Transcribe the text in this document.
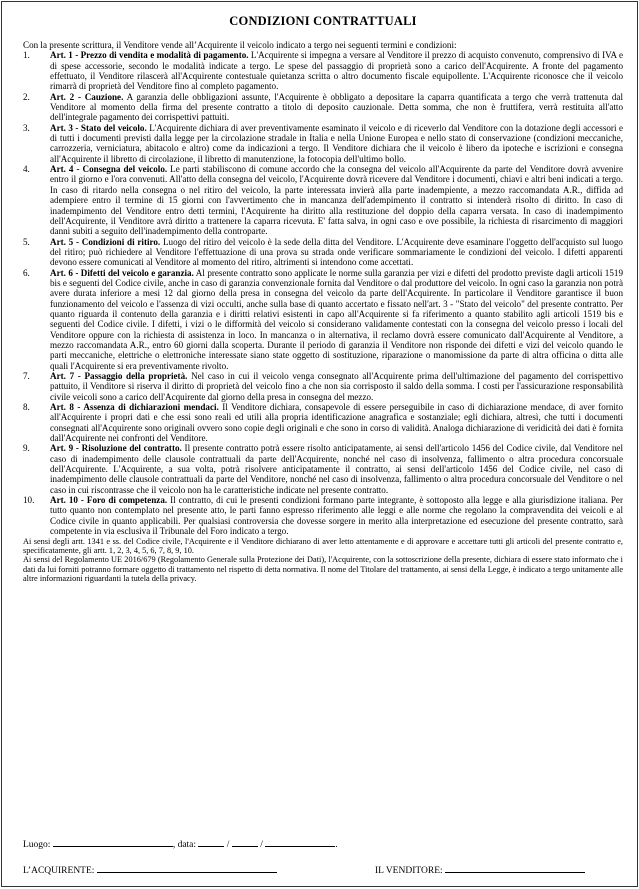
CONDIZIONI CONTRATTUALI

Con la presente scrittura, il Venditore vende all’Acquirente il veicolo indicato a tergo nei seguenti termini e condizioni:

1. Art. 1 - Prezzo di vendita e modalità di pagamento. L'Acquirente si impegna a versare al Venditore il prezzo di acquisto convenuto, comprensivo di IVA e di spese accessorie, secondo le modalità indicate a tergo. Le spese del passaggio di proprietà sono a carico dell'Acquirente. A fronte del pagamento effettuato, il Venditore rilascerà all'Acquirente contestuale quietanza scritta o altro documento fiscale equipollente. L'Acquirente riconosce che il veicolo rimarrà di proprietà del Venditore fino al completo pagamento.
2. Art. 2 - Cauzione. A garanzia delle obbligazioni assunte, l'Acquirente è obbligato a depositare la caparra quantificata a tergo che verrà trattenuta dal Venditore al momento della firma del presente contratto a titolo di deposito cauzionale. Detta somma, che non è fruttifera, verrà restituita all'atto dell'integrale pagamento dei corrispettivi pattuiti.
3. Art. 3 - Stato del veicolo. L'Acquirente dichiara di aver preventivamente esaminato il veicolo e di riceverlo dal Venditore con la dotazione degli accessori e di tutti i documenti previsti dalla legge per la circolazione stradale in Italia e nella Unione Europea e nello stato di conservazione (condizioni meccaniche, carrozzeria, verniciatura, abitacolo e altro) come da indicazioni a tergo. Il Venditore dichiara che il veicolo è libero da ipoteche e iscrizioni e consegna all'Acquirente il libretto di circolazione, il libretto di manutenzione, la fotocopia dell'ultimo bollo.
4. Art. 4 - Consegna del veicolo. Le parti stabiliscono di comune accordo che la consegna del veicolo all'Acquirente da parte del Venditore dovrà avvenire entro il giorno e l'ora convenuti. All'atto della consegna del veicolo, l'Acquirente dovrà ricevere dal Venditore i documenti, chiavi e altri beni indicati a tergo. In caso di ritardo nella consegna o nel ritiro del veicolo, la parte interessata invierà alla parte inadempiente, a mezzo raccomandata A.R., diffida ad adempiere entro il termine di 15 giorni con l'avvertimento che in mancanza dell'adempimento il contratto si intenderà risolto di diritto. In caso di inadempimento del Venditore entro detti termini, l'Acquirente ha diritto alla restituzione del doppio della caparra versata. In caso di inadempimento dell'Acquirente, il Venditore avrà diritto a trattenere la caparra ricevuta. E' fatta salva, in ogni caso e ove possibile, la richiesta di risarcimento di maggiori danni subiti a seguito dell'inadempimento della controparte.
5. Art. 5 - Condizioni di ritiro. Luogo del ritiro del veicolo è la sede della ditta del Venditore. L'Acquirente deve esaminare l'oggetto dell'acquisto sul luogo del ritiro; può richiedere al Venditore l'effettuazione di una prova su strada onde verificare sommariamente le condizioni del veicolo. I difetti apparenti devono essere comunicati al Venditore al momento del ritiro, altrimenti si intendono come accettati.
6. Art. 6 - Difetti del veicolo e garanzia. Al presente contratto sono applicate le norme sulla garanzia per vizi e difetti del prodotto previste dagli articoli 1519 bis e seguenti del Codice civile, anche in caso di garanzia convenzionale fornita dal Venditore o dal produttore del veicolo. In ogni caso la garanzia non potrà avere durata inferiore a mesi 12 dal giorno della presa in consegna del veicolo da parte dell'Acquirente. In particolare il Venditore garantisce il buon funzionamento del veicolo e l'assenza di vizi occulti, anche sulla base di quanto accertato e fissato nell'art. 3 - "Stato del veicolo" del presente contratto. Per quanto riguarda il contenuto della garanzia e i diritti relativi esistenti in capo all'Acquirente si fa riferimento a quanto stabilito agli articoli 1519 bis e seguenti del Codice civile. I difetti, i vizi o le difformità del veicolo si considerano validamente contestati con la consegna del veicolo presso i locali del Venditore oppure con la richiesta di assistenza in loco. In mancanza o in alternativa, il reclamo dovrà essere comunicato dall'Acquirente al Venditore, a mezzo raccomandata A.R., entro 60 giorni dalla scoperta. Durante il periodo di garanzia il Venditore non risponde dei difetti e vizi del veicolo quando le parti meccaniche, elettriche o elettroniche interessate siano state oggetto di sostituzione, riparazione o manomissione da parte di altra officina o ditta alle quali l'Acquirente si era preventivamente rivolto.
7. Art. 7 - Passaggio della proprietà. Nel caso in cui il veicolo venga consegnato all'Acquirente prima dell'ultimazione del pagamento del corrispettivo pattuito, il Venditore si riserva il diritto di proprietà del veicolo fino a che non sia corrisposto il saldo della somma. I costi per l'assicurazione responsabilità civile veicoli sono a carico dell'Acquirente dal giorno della presa in consegna del mezzo.
8. Art. 8 - Assenza di dichiarazioni mendaci. Il Venditore dichiara, consapevole di essere perseguibile in caso di dichiarazione mendace, di aver fornito all'Acquirente i propri dati e che essi sono reali ed utili alla propria identificazione anagrafica e sostanziale; egli dichiara, altresì, che tutti i documenti consegnati all'Acquirente sono originali ovvero sono copie degli originali e che sono in corso di validità. Analoga dichiarazione di veridicità dei dati è fornita dall'Acquirente nei confronti del Venditore.
9. Art. 9 - Risoluzione del contratto. Il presente contratto potrà essere risolto anticipatamente, ai sensi dell'articolo 1456 del Codice civile, dal Venditore nel caso di inadempimento delle clausole contrattuali da parte dell'Acquirente, nonché nel caso di insolvenza, fallimento o altra procedura concorsuale dell'Acquirente. L'Acquirente, a sua volta, potrà risolvere anticipatamente il contratto, ai sensi dell'articolo 1456 del Codice civile, nel caso di inadempimento delle clausole contrattuali da parte del Venditore, nonché nel caso di insolvenza, fallimento o altra procedura concorsuale del Venditore o nel caso in cui riscontrasse che il veicolo non ha le caratteristiche indicate nel presente contratto.
10. Art. 10 - Foro di competenza. Il contratto, di cui le presenti condizioni formano parte integrante, è sottoposto alla legge e alla giurisdizione italiana. Per tutto quanto non contemplato nel presente atto, le parti fanno espresso riferimento alle leggi e alle norme che regolano la compravendita dei veicoli e al Codice civile in quanto applicabili. Per qualsiasi controversia che dovesse sorgere in merito alla interpretazione ed esecuzione del presente contratto, sarà competente in via esclusiva il Tribunale del Foro indicato a tergo.

Ai sensi degli artt. 1341 e ss. del Codice civile, l'Acquirente e il Venditore dichiarano di aver letto attentamente e di approvare e accettare tutti gli articoli del presente contratto e, specificatamente, gli artt. 1, 2, 3, 4, 5, 6, 7, 8, 9, 10.

Ai sensi del Regolamento UE 2016/679 (Regolamento Generale sulla Protezione dei Dati), l'Acquirente, con la sottoscrizione della presente, dichiara di essere stato informato che i dati da lui forniti potranno formare oggetto di trattamento nel rispetto di detta normativa. Il nome del Titolare del trattamento, ai sensi della Legge, è indicato a tergo unitamente alle altre informazioni riguardanti la tutela della privacy.

Luogo:	, data:	/	/	.
L’ACQUIRENTE:	IL VENDITORE:
